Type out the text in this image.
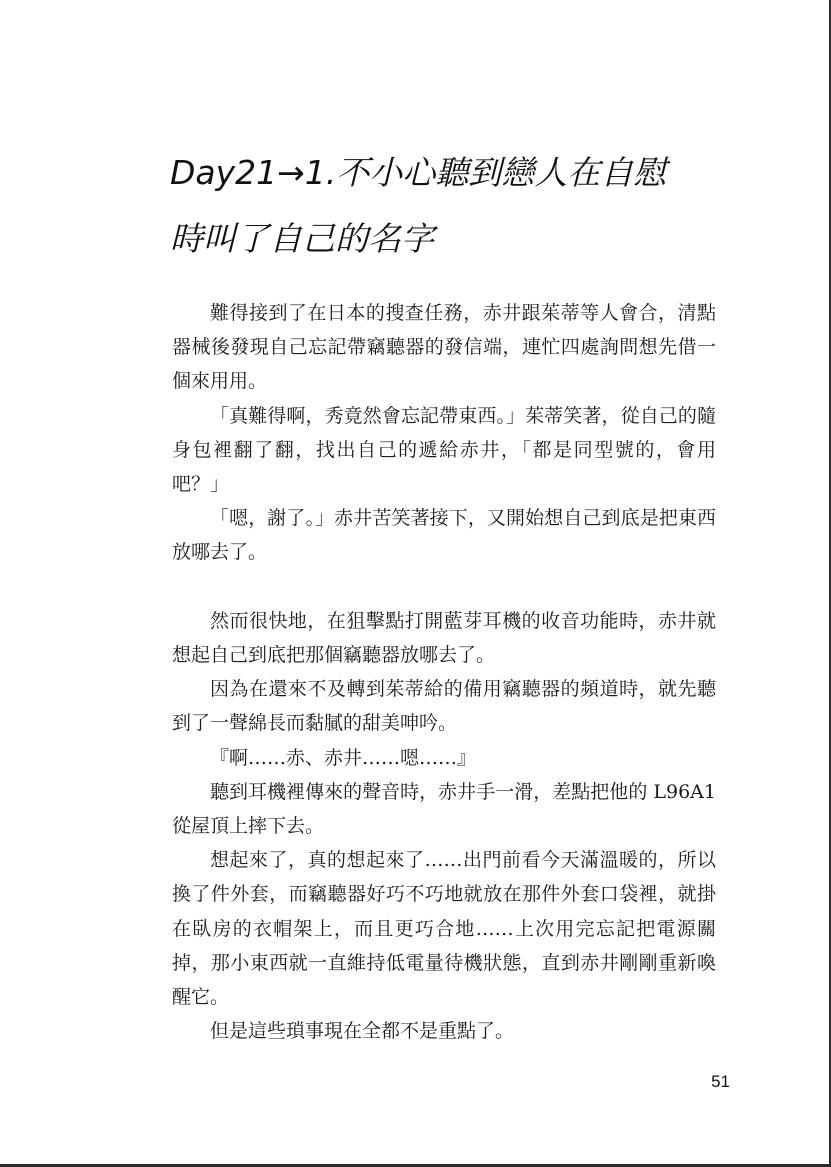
Day21→1.不小心聽到戀人在自慰
時叫了自己的名字

難得接到了在日本的搜查任務，赤井跟茱蒂等人會合，清點器械後發現自己忘記帶竊聽器的發信端，連忙四處詢問想先借一個來用用。

「真難得啊，秀竟然會忘記帶東西。」茱蒂笑著，從自己的隨身包裡翻了翻，找出自己的遞給赤井，「都是同型號的，會用吧？」

「嗯，謝了。」赤井苦笑著接下，又開始想自己到底是把東西放哪去了。

然而很快地，在狙擊點打開藍芽耳機的收音功能時，赤井就想起自己到底把那個竊聽器放哪去了。

因為在還來不及轉到茱蒂給的備用竊聽器的頻道時，就先聽到了一聲綿長而黏膩的甜美呻吟。

『啊……赤、赤井……嗯……』

聽到耳機裡傳來的聲音時，赤井手一滑，差點把他的 L96A1 從屋頂上摔下去。

想起來了，真的想起來了……出門前看今天滿溫暖的，所以換了件外套，而竊聽器好巧不巧地就放在那件外套口袋裡，就掛在臥房的衣帽架上，而且更巧合地……上次用完忘記把電源關掉，那小東西就一直維持低電量待機狀態，直到赤井剛剛重新喚醒它。

但是這些瑣事現在全都不是重點了。

51
